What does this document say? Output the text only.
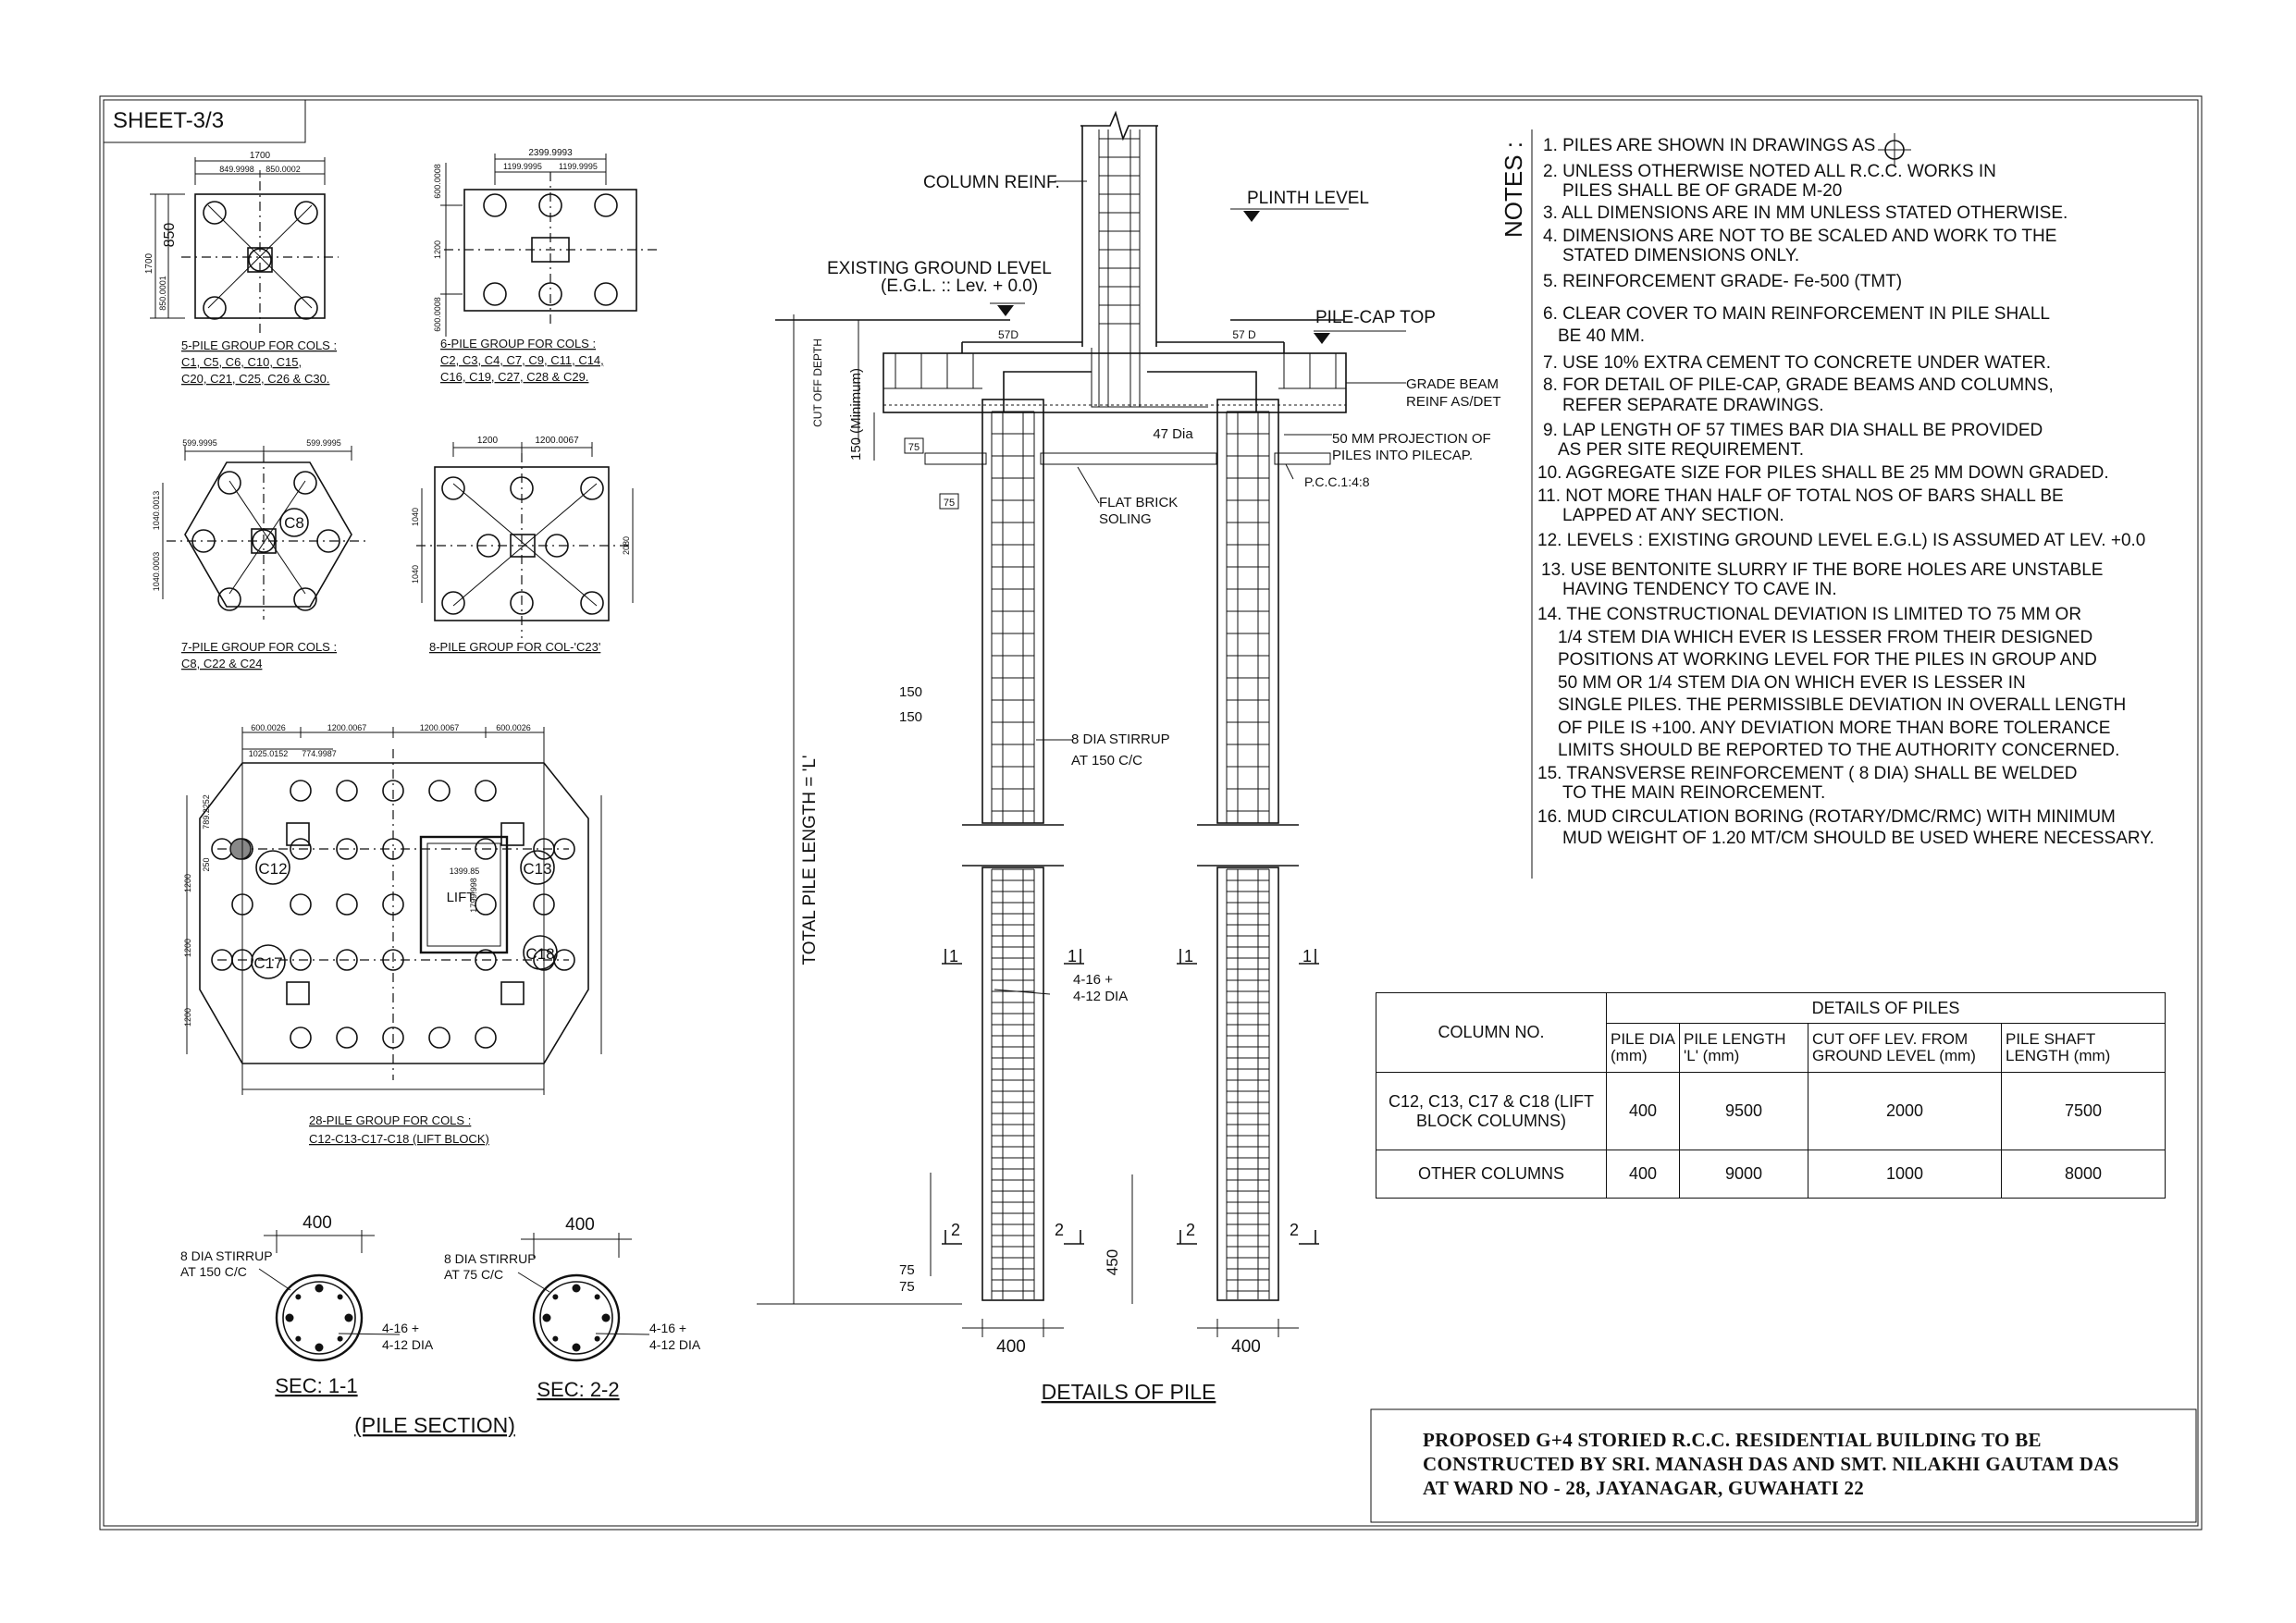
1700
849.9998 850.0002
1700
850
850.0001
5-PILE GROUP FOR COLS :
C1, C5, C6, C10, C15,
C20, C21, C25, C26 & C30.
2399.9993
1199.9995 1199.9995
600.0008
1200
600.0008
6-PILE GROUP FOR COLS :
C2, C3, C4, C7, C9, C11, C14,
C16, C19, C27, C28 & C29.
C8
599.9995	599.9995
1040.0013
1040.0003
7-PILE GROUP FOR COLS :
C8, C22 & C24
1200	1200.0067
1040
1040
2080
8-PILE GROUP FOR COL-'C23'
C12	C13
C17
C18
LIFT
1399.85
1799.998
600.0026	1200.0067	1200.0067	600.0026
1025.0152 774.9987
789.2252
250
1200
1200
1200
28-PILE GROUP FOR COLS :
C12-C13-C17-C18 (LIFT BLOCK)
400
8 DIA STIRRUP
AT 150 C/C
4-16 +
4-12 DIA
SEC: 1-1
400
8 DIA STIRRUP
AT 75 C/C
4-16 +
4-12 DIA
SEC: 2-2
(PILE SECTION)
COLUMN REINF.
PLINTH LEVEL
EXISTING GROUND LEVEL
(E.G.L. :: Lev. + 0.0)
PILE-CAP TOP
CUT OFF DEPTH 150 (Minimum)
57D	57 D
47 Dia
GRADE BEAM
REINF AS/DET
50 MM PROJECTION OF
PILES INTO PILECAP.
P.C.C.1:4:8
FLAT BRICK
SOLING
75
75
150
150
8 DIA STIRRUP
AT 150 C/C
TOTAL PILE LENGTH = 'L'
4-16 +
4-12 DIA
1	1	1	1
2	2	2	2
75
75
450
400	400
DETAILS OF PILE
NOTES :
SHEET-3/3
1. PILES ARE SHOWN IN DRAWINGS AS
2. UNLESS OTHERWISE NOTED ALL R.C.C. WORKS IN
PILES SHALL BE OF GRADE M-20
3. ALL DIMENSIONS ARE IN MM UNLESS STATED OTHERWISE.
4. DIMENSIONS ARE NOT TO BE SCALED AND WORK TO THE
STATED DIMENSIONS ONLY.
5. REINFORCEMENT GRADE- Fe-500 (TMT)
6. CLEAR COVER TO MAIN REINFORCEMENT IN PILE SHALL
BE 40 MM.
7. USE 10% EXTRA CEMENT TO CONCRETE UNDER WATER.
8. FOR DETAIL OF PILE-CAP, GRADE BEAMS AND COLUMNS,
REFER SEPARATE DRAWINGS.
9. LAP LENGTH OF 57 TIMES BAR DIA SHALL BE PROVIDED
AS PER SITE REQUIREMENT.
10. AGGREGATE SIZE FOR PILES SHALL BE 25 MM DOWN GRADED.
11. NOT MORE THAN HALF OF TOTAL NOS OF BARS SHALL BE
LAPPED AT ANY SECTION.
12. LEVELS : EXISTING GROUND LEVEL E.G.L) IS ASSUMED AT LEV. +0.0
13. USE BENTONITE SLURRY IF THE BORE HOLES ARE UNSTABLE
HAVING TENDENCY TO CAVE IN.
14. THE CONSTRUCTIONAL DEVIATION IS LIMITED TO 75 MM OR
1/4 STEM DIA WHICH EVER IS LESSER FROM THEIR DESIGNED
POSITIONS AT WORKING LEVEL FOR THE PILES IN GROUP AND
50 MM OR 1/4 STEM DIA ON WHICH EVER IS LESSER IN
SINGLE PILES. THE PERMISSIBLE DEVIATION IN OVERALL LENGTH
OF PILE IS +100. ANY DEVIATION MORE THAN BORE TOLERANCE
LIMITS SHOULD BE REPORTED TO THE AUTHORITY CONCERNED.
15. TRANSVERSE REINFORCEMENT ( 8 DIA) SHALL BE WELDED
TO THE MAIN REINORCEMENT.
16. MUD CIRCULATION BORING (ROTARY/DMC/RMC) WITH MINIMUM
MUD WEIGHT OF 1.20 MT/CM SHOULD BE USED WHERE NECESSARY.
COLUMN NO.	DETAILS OF PILES			
	PILE DIA (mm)	PILE LENGTH 'L' (mm)	CUT OFF LEV. FROM GROUND LEVEL (mm)	PILE SHAFT LENGTH (mm)
C12, C13, C17 & C18 (LIFT BLOCK COLUMNS)	400	9500	2000	7500
OTHER COLUMNS	400	9000	1000	8000
PROPOSED G+4 STORIED R.C.C. RESIDENTIAL BUILDING TO BE
CONSTRUCTED BY SRI. MANASH DAS AND SMT. NILAKHI GAUTAM DAS
AT WARD NO - 28, JAYANAGAR, GUWAHATI 22
